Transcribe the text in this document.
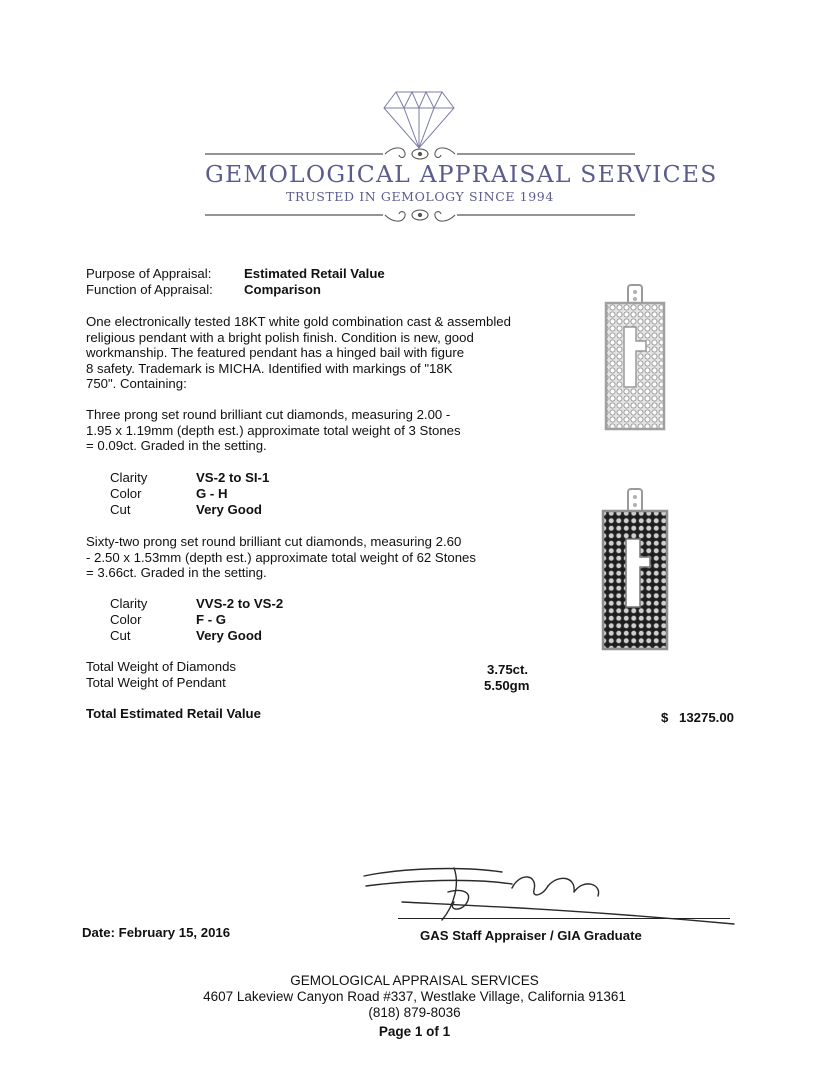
GEMOLOGICAL APPRAISAL SERVICES
TRUSTED IN GEMOLOGY SINCE 1994
Purpose of Appraisal: Estimated Retail Value
Function of Appraisal: Comparison
One electronically tested 18KT white gold combination cast & assembled
religious pendant with a bright polish finish. Condition is new, good
workmanship. The featured pendant has a hinged bail with figure
8 safety. Trademark is MICHA. Identified with markings of "18K
750". Containing:
Three prong set round brilliant cut diamonds, measuring 2.00 -
1.95 x 1.19mm (depth est.) approximate total weight of 3 Stones
= 0.09ct. Graded in the setting.
Clarity	VS-2 to SI-1
Color	G - H
Cut	Very Good
Sixty-two prong set round brilliant cut diamonds, measuring 2.60
- 2.50 x 1.53mm (depth est.) approximate total weight of 62 Stones
= 3.66ct. Graded in the setting.
Clarity	VVS-2 to VS-2
Color	F - G
Cut	Very Good
Total Weight of Diamonds	3.75ct.
Total Weight of Pendant	5.50gm
Total Estimated Retail Value	$ 13275.00
Date: February 15, 2016	GAS Staff Appraiser / GIA Graduate
GEMOLOGICAL APPRAISAL SERVICES
4607 Lakeview Canyon Road #337, Westlake Village, California 91361
(818) 879-8036
Page 1 of 1
